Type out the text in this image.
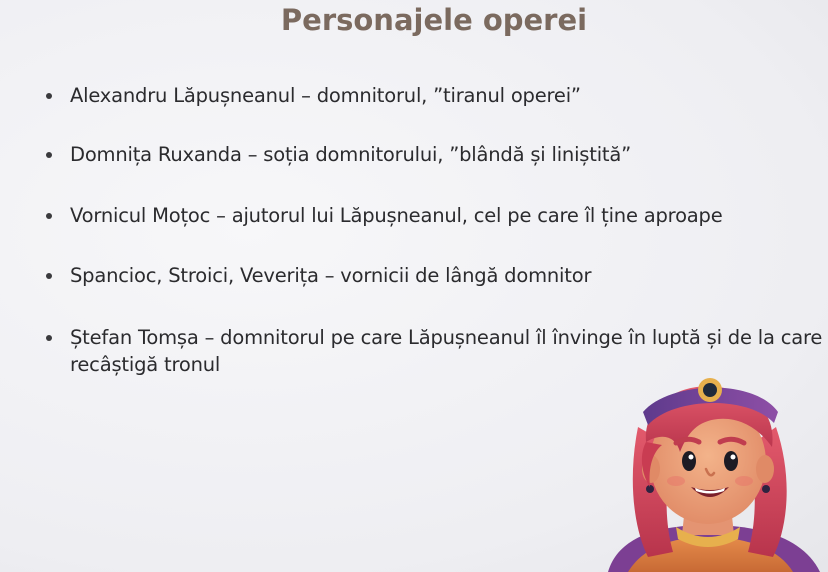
Personajele operei
Alexandru Lăpușneanul – domnitorul, ”tiranul operei”
Domnița Ruxanda – soția domnitorului, ”blândă și liniștită”
Vornicul Moțoc – ajutorul lui Lăpușneanul, cel pe care îl ține aproape
Spancioc, Stroici, Veverița – vornicii de lângă domnitor
Ștefan Tomșa – domnitorul pe care Lăpușneanul îl învinge în luptă și de la care recâștigă tronul
